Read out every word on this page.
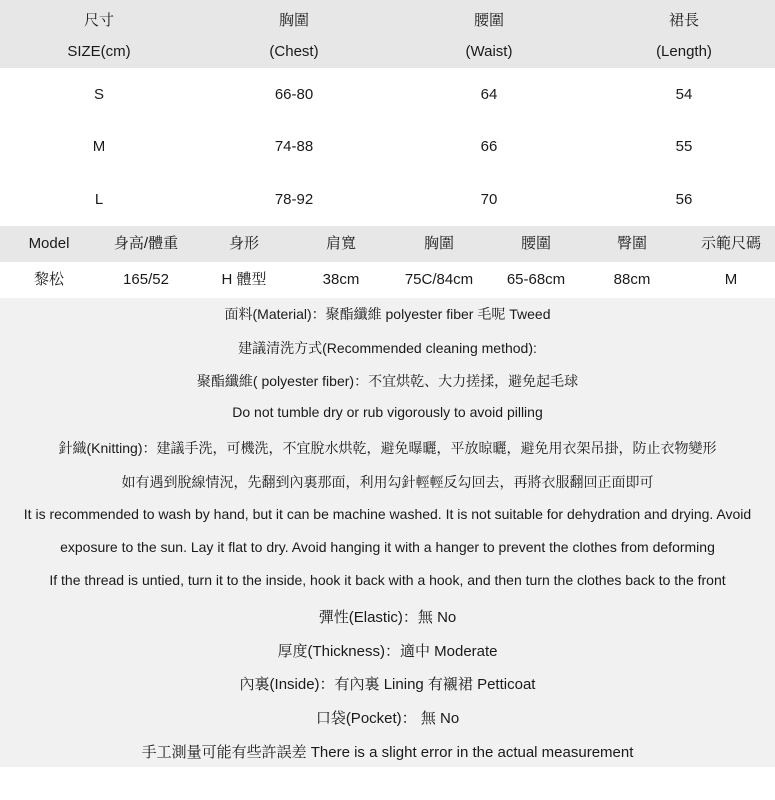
尺寸	胸圍	腰圍	裙長
SIZE(cm)	(Chest)	(Waist)	(Length)
S	66-80	64	54
M	74-88	66	55
L	78-92	70	56
Model	身高/體重	身形	肩寬	胸圍	腰圍	臀圍	示範尺碼
黎松	165/52	H 體型	38cm	75C/84cm	65-68cm	88cm	M
面料(Material)：聚酯纖維 polyester fiber 毛呢 Tweed
建議清洗方式(Recommended cleaning method):
聚酯纖維( polyester fiber)：不宜烘乾、大力搓揉，避免起毛球
Do not tumble dry or rub vigorously to avoid pilling
針織(Knitting)：建議手洗，可機洗，不宜脫水烘乾，避免曝曬，平放晾曬，避免用衣架吊掛，防止衣物變形
如有遇到脫線情況，先翻到內裏那面，利用勾針輕輕反勾回去，再將衣服翻回正面即可
It is recommended to wash by hand, but it can be machine washed. It is not suitable for dehydration and drying. Avoid
exposure to the sun. Lay it flat to dry. Avoid hanging it with a hanger to prevent the clothes from deforming
If the thread is untied, turn it to the inside, hook it back with a hook, and then turn the clothes back to the front
彈性(Elastic)：無 No
厚度(Thickness)：適中 Moderate
內裏(Inside)：有內裏 Lining 有襯裙 Petticoat
口袋(Pocket)： 無 No
手工測量可能有些許誤差 There is a slight error in the actual measurement
